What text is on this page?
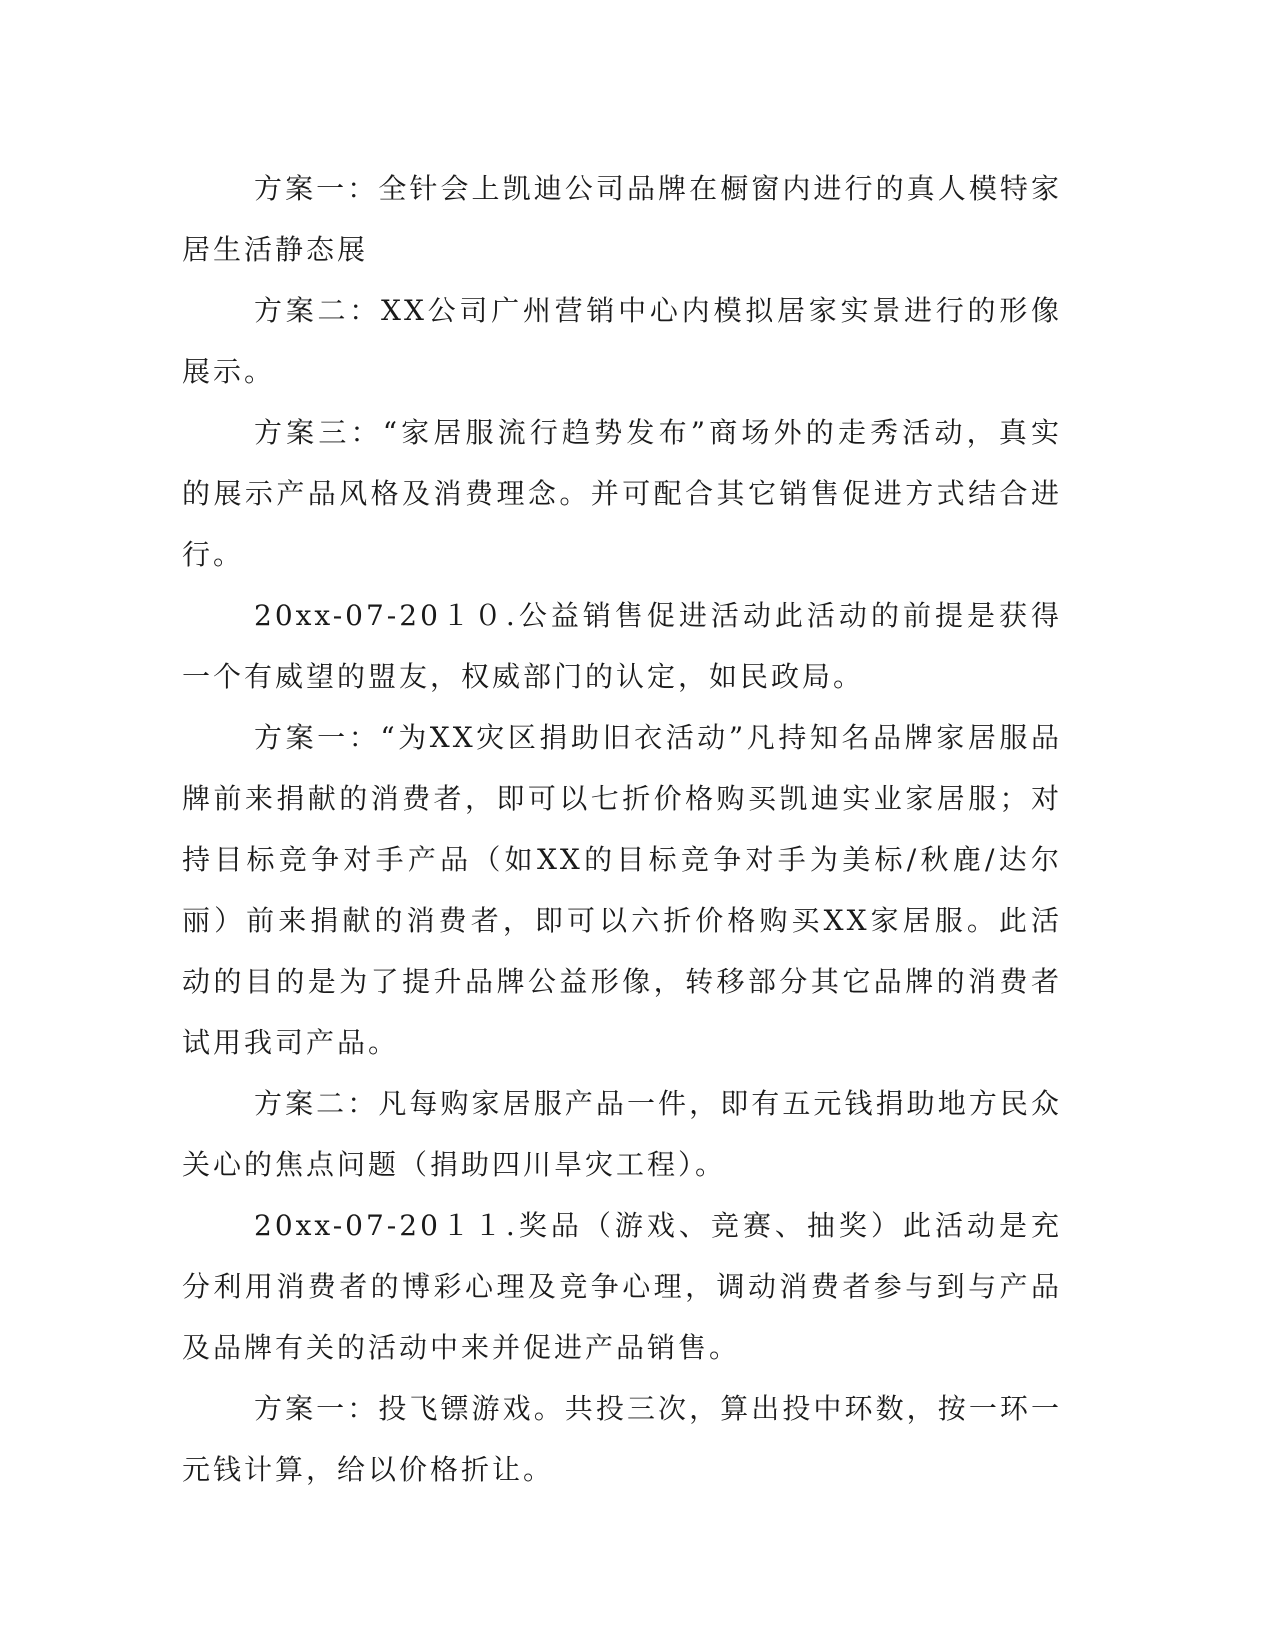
方案一：全针会上凯迪公司品牌在橱窗内进行的真人模特家居生活静态展

方案二：XX公司广州营销中心内模拟居家实景进行的形像展示。

方案三：“家居服流行趋势发布”商场外的走秀活动，真实的展示产品风格及消费理念。并可配合其它销售促进方式结合进行。

20xx-07-20１０.公益销售促进活动此活动的前提是获得一个有威望的盟友，权威部门的认定，如民政局。

方案一：“为XX灾区捐助旧衣活动”凡持知名品牌家居服品牌前来捐献的消费者，即可以七折价格购买凯迪实业家居服；对持目标竞争对手产品（如XX的目标竞争对手为美标/秋鹿/达尔丽）前来捐献的消费者，即可以六折价格购买XX家居服。此活动的目的是为了提升品牌公益形像，转移部分其它品牌的消费者试用我司产品。

方案二：凡每购家居服产品一件，即有五元钱捐助地方民众关心的焦点问题（捐助四川旱灾工程）。

20xx-07-20１１.奖品（游戏、竞赛、抽奖）此活动是充分利用消费者的博彩心理及竞争心理，调动消费者参与到与产品及品牌有关的活动中来并促进产品销售。

方案一：投飞镖游戏。共投三次，算出投中环数，按一环一元钱计算，给以价格折让。
